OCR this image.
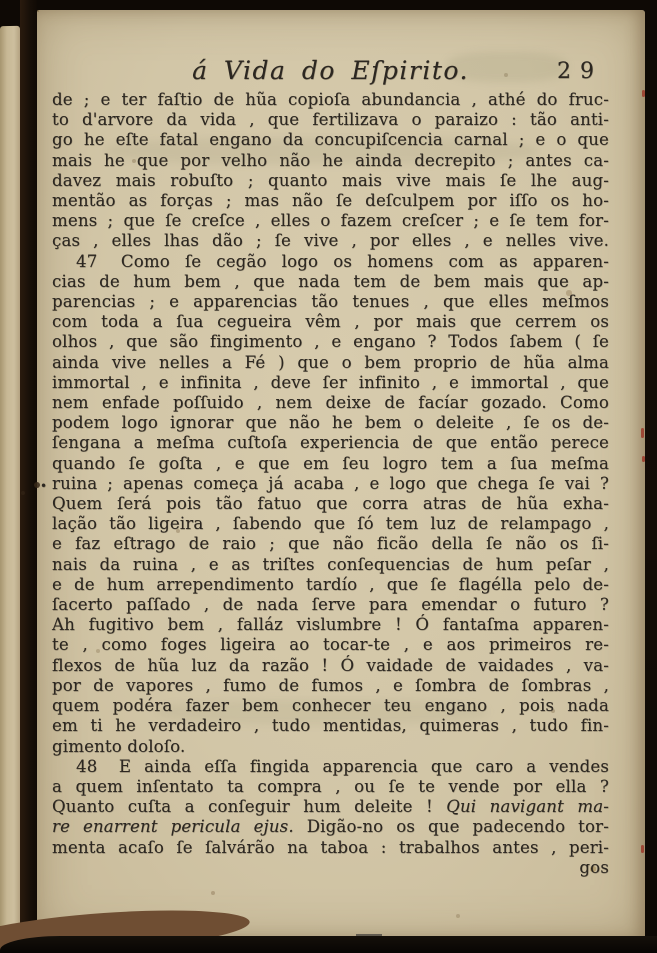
á Vida do Eſpirito.	29
de ; e ter faſtio de hũa copioſa abundancia , athé do fruc-
to d'arvore da vida , que fertilizava o paraizo : tão anti-
go he eſte fatal engano da concupiſcencia carnal ; e o que
mais he que por velho não he ainda decrepito ; antes ca-
davez mais robuſto ; quanto mais vive mais ſe lhe aug-
mentão as forças ; mas não ſe deſculpem por iſſo os ho-
mens ; que ſe creſce , elles o fazem creſcer ; e ſe tem for-
ças , elles lhas dão ; ſe vive , por elles , e nelles vive.
47  Como ſe cegão logo os homens com as apparen-
cias de hum bem , que nada tem de bem mais que ap-
parencias ; e apparencias tão tenues , que elles meſmos
com toda a ſua cegueira vêm , por mais que cerrem os
olhos , que são fingimento , e engano ? Todos ſabem ( ſe
ainda vive nelles a Fé ) que o bem proprio de hũa alma
immortal , e infinita , deve ſer infinito , e immortal , que
nem enfade poſſuido , nem deixe de facíar gozado. Como
podem logo ignorar que não he bem o deleite , ſe os de-
ſengana a meſma cuſtoſa experiencia de que então perece
quando ſe goſta , e que em ſeu logro tem a ſua meſma
• ruina ; apenas começa já acaba , e logo que chega ſe vai ?
Quem ſerá pois tão fatuo que corra atras de hũa exha-
lação tão ligeira , ſabendo que ſó tem luz de relampago ,
e faz eſtrago de raio ; que não ficão della ſe não os ſi-
nais da ruina , e as triſtes conſequencias de hum peſar ,
e de hum arrependimento tardío , que ſe flagélla pelo de-
ſacerto paſſado , de nada ſerve para emendar o futuro ?
Ah fugitivo bem , falláz vislumbre ! Ó fantaſma apparen-
te , como foges ligeira ao tocar-te , e aos primeiros re-
flexos de hũa luz da razão ! Ó vaidade de vaidades , va-
por de vapores , fumo de fumos , e ſombra de ſombras ,
quem podéra fazer bem conhecer teu engano , pois nada
em ti he verdadeiro , tudo mentidas, quimeras , tudo fin-
gimento doloſo.
48  E ainda eſſa fingida apparencia que caro a vendes
a quem inſentato ta compra , ou ſe te vende por ella ?
Quanto cuſta a conſeguir hum deleite ! Qui navigant ma-
re enarrent pericula ejus. Digão-no os que padecendo tor-
menta acaſo ſe ſalvárão na taboa : trabalhos antes , peri-
gos
